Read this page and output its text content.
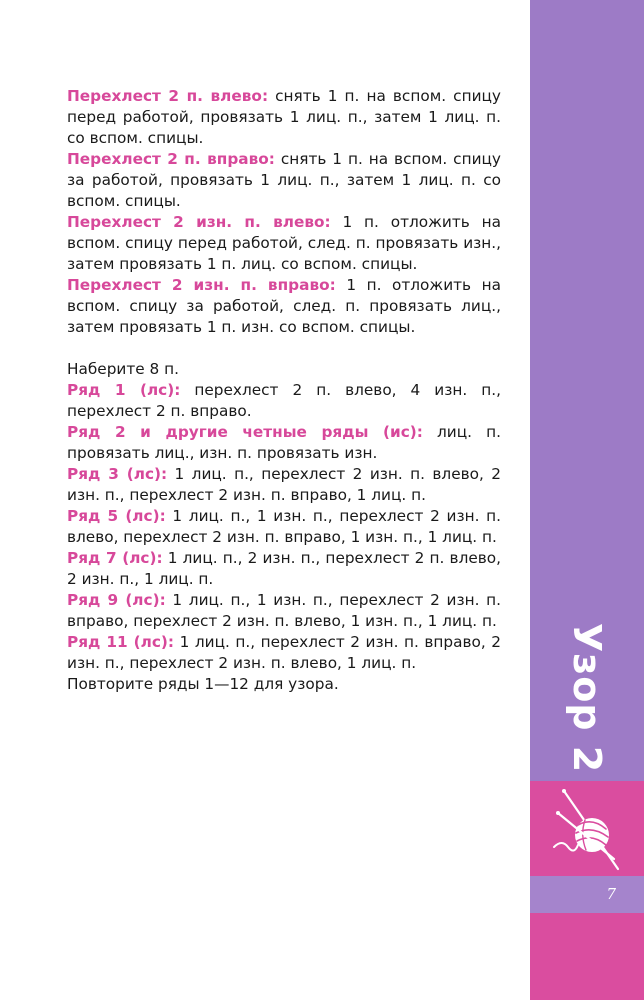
Перехлест 2 п. влево: снять 1 п. на вспом. спицу перед работой, провязать 1 лиц. п., затем 1 лиц. п. со вспом. спицы.

Перехлест 2 п. вправо: снять 1 п. на вспом. спицу за работой, провязать 1 лиц. п., затем 1 лиц. п. со вспом. спицы.

Перехлест 2 изн. п. влево: 1 п. отложить на вспом. спицу перед работой, след. п. провязать изн., затем провязать 1 п. лиц. со вспом. спицы.

Перехлест 2 изн. п. вправо: 1 п. отложить на вспом. спицу за работой, след. п. провязать лиц., затем провязать 1 п. изн. со вспом. спицы.

Наберите 8 п.

Ряд 1 (лс): перехлест 2 п. влево, 4 изн. п., перехлест 2 п. вправо.

Ряд 2 и другие четные ряды (ис): лиц. п. провязать лиц., изн. п. провязать изн.

Ряд 3 (лс): 1 лиц. п., перехлест 2 изн. п. влево, 2 изн. п., перехлест 2 изн. п. вправо, 1 лиц. п.

Ряд 5 (лс): 1 лиц. п., 1 изн. п., перехлест 2 изн. п. влево, перехлест 2 изн. п. вправо, 1 изн. п., 1 лиц. п.

Ряд 7 (лс): 1 лиц. п., 2 изн. п., перехлест 2 п. влево, 2 изн. п., 1 лиц. п.

Ряд 9 (лс): 1 лиц. п., 1 изн. п., перехлест 2 изн. п. вправо, перехлест 2 изн. п. влево, 1 изн. п., 1 лиц. п.

Ряд 11 (лс): 1 лиц. п., перехлест 2 изн. п. вправо, 2 изн. п., перехлест 2 изн. п. влево, 1 лиц. п.

Повторите ряды 1—12 для узора.	Узор 2
7
